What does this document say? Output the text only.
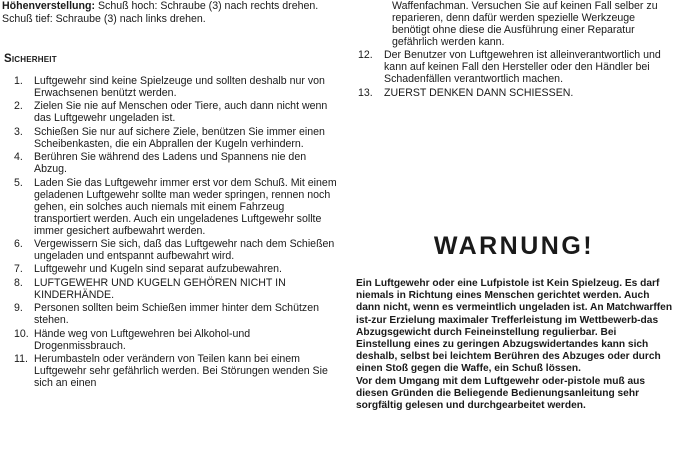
Höhenverstellung: Schuß hoch: Schraube (3) nach rechts drehen. Schuß tief: Schraube (3) nach links drehen.

Sicherheit
1.	Luftgewehr sind keine Spielzeuge und sollten deshalb nur von Erwachsenen benützt werden.
2.	Zielen Sie nie auf Menschen oder Tiere, auch dann nicht wenn das Luftgewehr ungeladen ist.
3.	Schießen Sie nur auf sichere Ziele, benützen Sie immer einen Scheibenkasten, die ein Abprallen der Kugeln verhindern.
4.	Berühren Sie während des Ladens und Spannens nie den Abzug.
5.	Laden Sie das Luftgewehr immer erst vor dem Schuß. Mit einem geladenen Luftgewehr sollte man weder springen, rennen noch gehen, ein solches auch niemals mit einem Fahrzeug transportiert werden. Auch ein ungeladenes Luftgewehr sollte immer gesichert aufbewahrt werden.
6.	Vergewissern Sie sich, daß das Luftgewehr nach dem Schießen ungeladen und entspannt aufbewahrt wird.
7.	Luftgewehr und Kugeln sind separat aufzubewahren.
8.	LUFTGEWEHR UND KUGELN GEHÖREN NICHT IN KINDERHÄNDE.
9.	Personen sollten beim Schießen immer hinter dem Schützen stehen.
10. Hände weg von Luftgewehren bei Alkohol-und Drogenmissbrauch.
11. Herumbasteln oder verändern von Teilen kann bei einem Luftgewehr sehr gefährlich werden. Bei Störungen wenden Sie sich an einen
Waffenfachman. Versuchen Sie auf keinen Fall selber zu reparieren, denn dafür werden spezielle Werkzeuge benötigt ohne diese die Ausführung einer Reparatur gefährlich werden kann.
12.	Der Benutzer von Luftgewehren ist alleinverantwortlich und kann auf keinen Fall den Hersteller oder den Händler bei Schadenfällen verantwortlich machen.
13.	ZUERST DENKEN DANN SCHIESSEN.
WARNUNG!
Ein Luftgewehr oder eine Lufpistole ist Kein Spielzeug. Es darf niemals in Richtung eines Menschen gerichtet werden. Auch dann nicht, wenn es vermeintlich ungeladen ist. An Matchwarffen ist-zur Erzielung maximaler Trefferleistung im Wettbewerb-das Abzugsgewicht durch Feineinstellung regulierbar. Bei Einstellung eines zu geringen Abzugswidertandes kann sich deshalb, selbst bei leichtem Berühren des Abzuges oder durch einen Stoß gegen die Waffe, ein Schuß lössen.
Vor dem Umgang mit dem Luftgewehr oder-pistole muß aus diesen Gründen die Beliegende Bedienungsanleitung sehr sorgfältig gelesen und durchgearbeitet werden.
